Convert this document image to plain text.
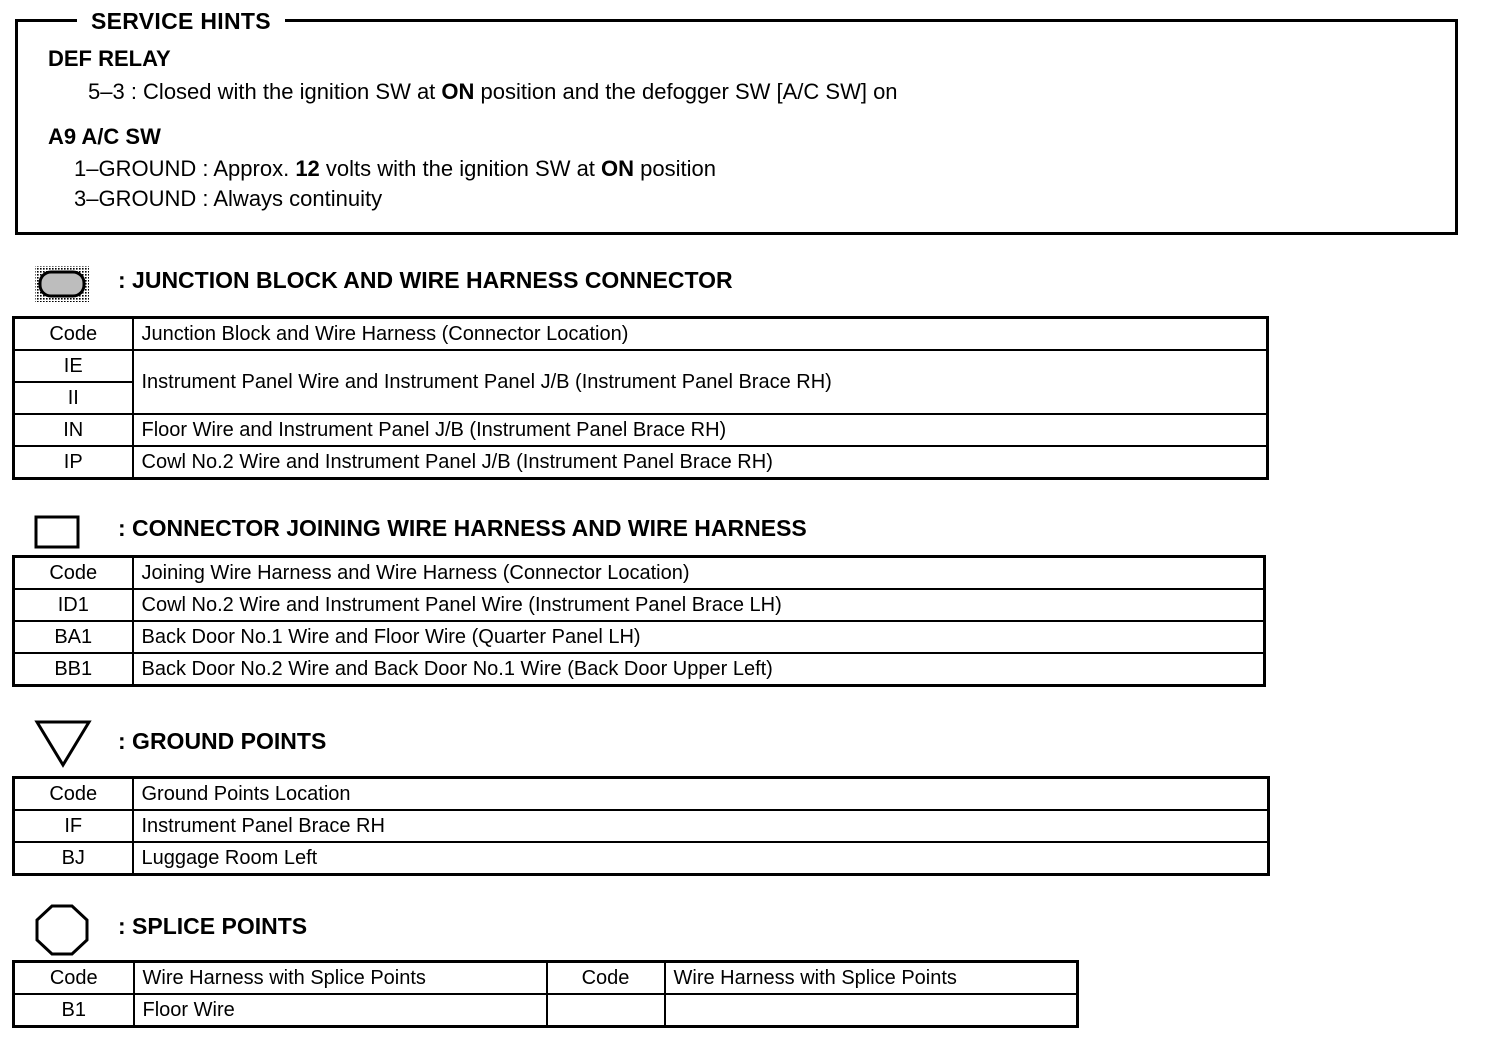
SERVICE HINTS
DEF RELAY
5–3 : Closed with the ignition SW at ON position and the defogger SW [A/C SW] on
A9 A/C SW
1–GROUND : Approx. 12 volts with the ignition SW at ON position
3–GROUND : Always continuity
: JUNCTION BLOCK AND WIRE HARNESS CONNECTOR
Code	Junction Block and Wire Harness (Connector Location)
IE	Instrument Panel Wire and Instrument Panel J/B (Instrument Panel Brace RH)
II	
IN	Floor Wire and Instrument Panel J/B (Instrument Panel Brace RH)
IP	Cowl No.2 Wire and Instrument Panel J/B (Instrument Panel Brace RH)
: CONNECTOR JOINING WIRE HARNESS AND WIRE HARNESS
Code	Joining Wire Harness and Wire Harness (Connector Location)
ID1	Cowl No.2 Wire and Instrument Panel Wire (Instrument Panel Brace LH)
BA1	Back Door No.1 Wire and Floor Wire (Quarter Panel LH)
BB1	Back Door No.2 Wire and Back Door No.1 Wire (Back Door Upper Left)
: GROUND POINTS
Code	Ground Points Location
IF	Instrument Panel Brace RH
BJ	Luggage Room Left
: SPLICE POINTS
Code	Wire Harness with Splice Points	Code	Wire Harness with Splice Points
B1	Floor Wire		
